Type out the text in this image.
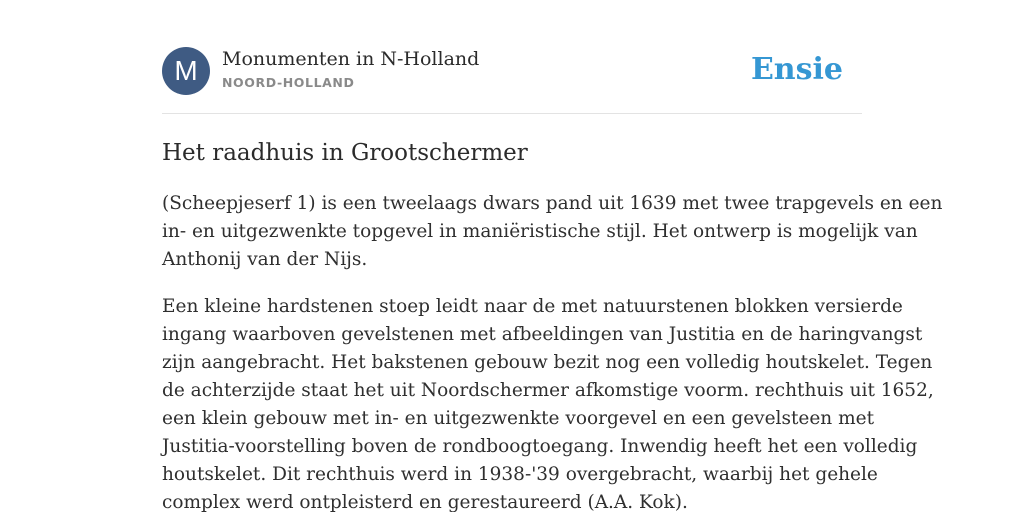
M	Monumenten in N-Holland
NOORD-HOLLAND	Ensie
Het raadhuis in Grootschermer

(Scheepjeserf 1) is een tweelaags dwars pand uit 1639 met twee trapgevels en een
in- en uitgezwenkte topgevel in maniëristische stijl. Het ontwerp is mogelijk van
Anthonij van der Nijs.

Een kleine hardstenen stoep leidt naar de met natuurstenen blokken versierde
ingang waarboven gevelstenen met afbeeldingen van Justitia en de haringvangst
zijn aangebracht. Het bakstenen gebouw bezit nog een volledig houtskelet. Tegen
de achterzijde staat het uit Noordschermer afkomstige voorm. rechthuis uit 1652,
een klein gebouw met in- en uitgezwenkte voorgevel en een gevelsteen met
Justitia-voorstelling boven de rondboogtoegang. Inwendig heeft het een volledig
houtskelet. Dit rechthuis werd in 1938-'39 overgebracht, waarbij het gehele
complex werd ontpleisterd en gerestaureerd (A.A. Kok).
